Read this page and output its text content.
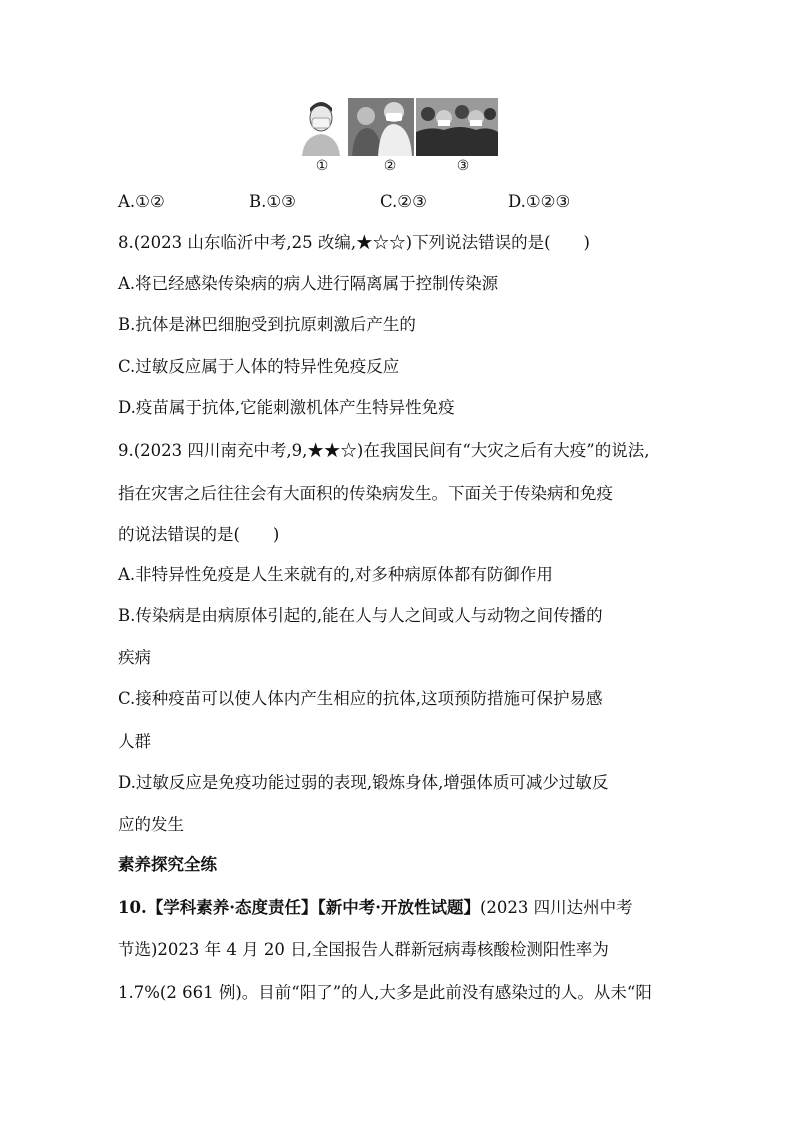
①	②	③
A.①②	B.①③	C.②③	D.①②③
8.(2023 山东临沂中考,25 改编,★☆☆)下列说法错误的是(　　)
A.将已经感染传染病的病人进行隔离属于控制传染源
B.抗体是淋巴细胞受到抗原刺激后产生的
C.过敏反应属于人体的特异性免疫反应
D.疫苗属于抗体,它能刺激机体产生特异性免疫
9.(2023 四川南充中考,9,★★☆)在我国民间有“大灾之后有大疫”的说法,
指在灾害之后往往会有大面积的传染病发生。下面关于传染病和免疫
的说法错误的是(　　)
A.非特异性免疫是人生来就有的,对多种病原体都有防御作用
B.传染病是由病原体引起的,能在人与人之间或人与动物之间传播的
疾病
C.接种疫苗可以使人体内产生相应的抗体,这项预防措施可保护易感
人群
D.过敏反应是免疫功能过弱的表现,锻炼身体,增强体质可减少过敏反
应的发生
素养探究全练
10.【学科素养·态度责任】【新中考·开放性试题】(2023 四川达州中考
节选)2023 年 4 月 20 日,全国报告人群新冠病毒核酸检测阳性率为
1.7%(2 661 例)。目前“阳了”的人,大多是此前没有感染过的人。从未“阳
